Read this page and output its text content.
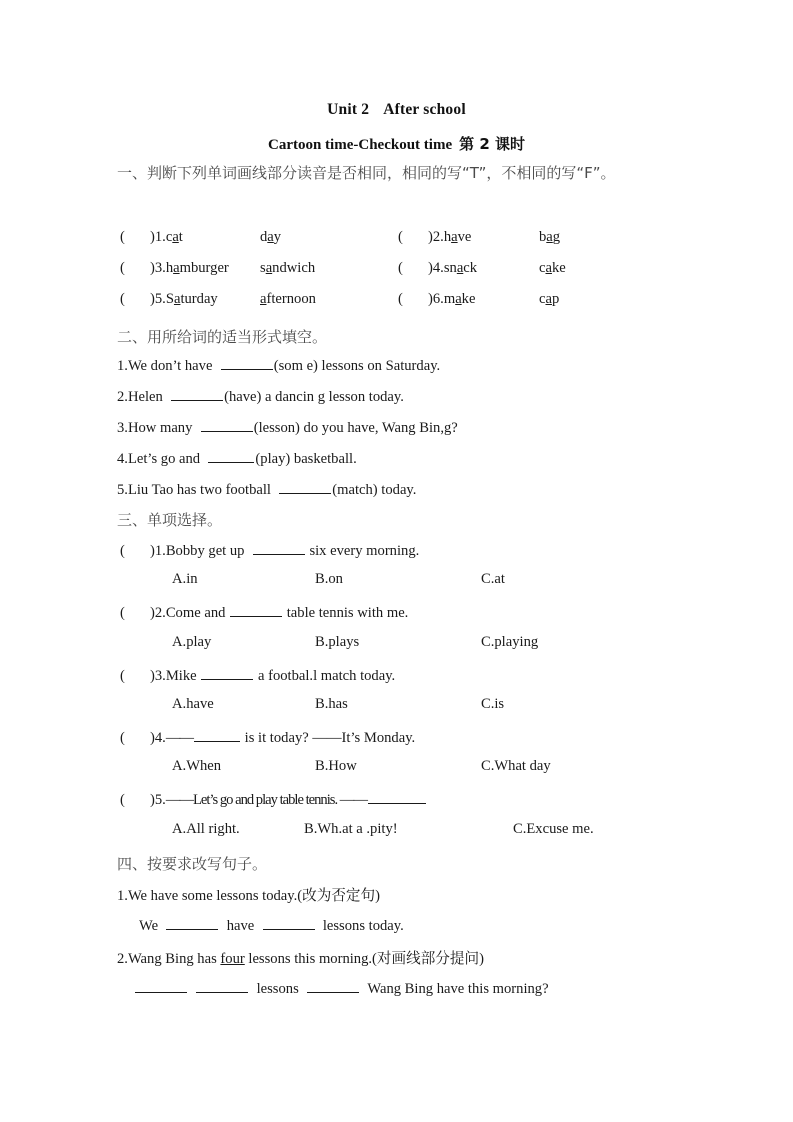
Unit 2 After school
Cartoon time-Checkout time 第 2 课时
一、判断下列单词画线部分读音是否相同，相同的写“T”，不相同的写“F”。
( )1.cat	day	( )2.have	bag
( )3.hamburger sandwich	( )4.snack	cake
( )5.Saturday	afternoon	( )6.make	cap
二、用所给词的适当形式填空。
1.We don’t have	(som e) lessons on Saturday.
2.Helen	(have) a dancin g lesson today.
3.How many	(lesson) do you have, Wang Bin,g?
4.Let’s go and	(play) basketball.
5.Liu Tao has two football	(match) today.
三、单项选择。
( )1.Bobby get up	six every morning.
A.in	B.on	C.at
( )2.Come and	table tennis with me.
A.play	B.plays	C.playing
( )3.Mike	a footbal.l match today.
A.have	B.has	C.is
( )4.——	is it today? ——It’s Monday.
A.When	B.How	C.What day
( )5.——Let’s go and play table tennis. ——
A.All right.	B.Wh.at a .pity!	C.Excuse me.
四、按要求改写句子。
1.We have some lessons today.(改为否定句)
We	have	lessons today.
2.Wang Bing has four lessons this morning.(对画线部分提问)
lessons	Wang Bing have this morning?
